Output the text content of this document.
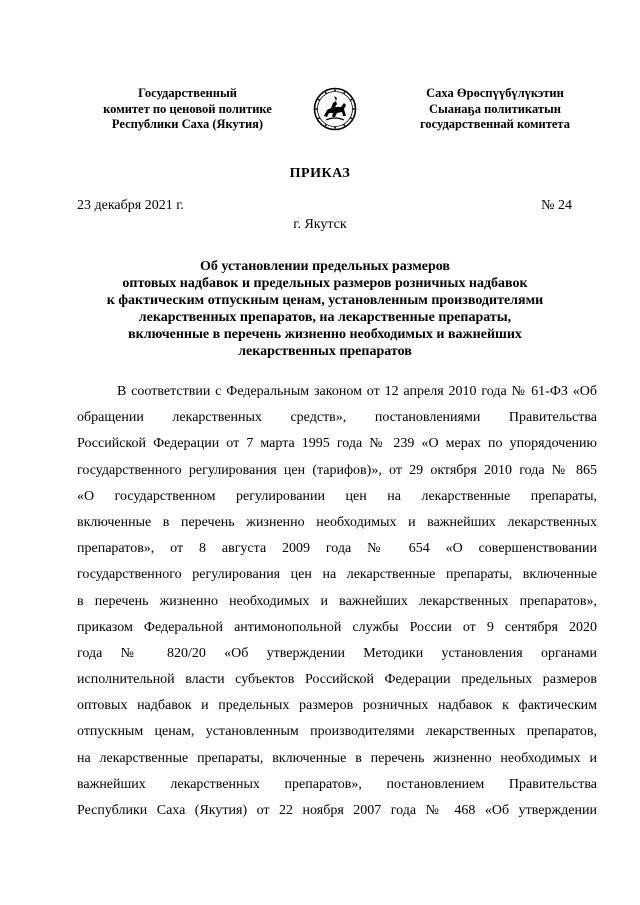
Государственный
комитет по ценовой политике
Республики Саха (Якутия)
Саха Өрөспүүбүлүкэтин
Сыанаҕа политикатын
государственнай комитета
ПРИКАЗ
23 декабря 2021 г.	№ 24
г. Якутск
Об установлении предельных размеров
оптовых надбавок и предельных размеров розничных надбавок
к фактическим отпускным ценам, установленным производителями
лекарственных препаратов, на лекарственные препараты,
включенные в перечень жизненно необходимых и важнейших
лекарственных препаратов
В соответствии с Федеральным законом от 12 апреля 2010 года № 61-ФЗ «Об
обращении лекарственных средств», постановлениями Правительства
Российской Федерации от 7 марта 1995 года № 239 «О мерах по упорядочению
государственного регулирования цен (тарифов)», от 29 октября 2010 года № 865
«О государственном регулировании цен на лекарственные препараты,
включенные в перечень жизненно необходимых и важнейших лекарственных
препаратов», от 8 августа 2009 года № 654 «О совершенствовании
государственного регулирования цен на лекарственные препараты, включенные
в перечень жизненно необходимых и важнейших лекарственных препаратов»,
приказом Федеральной антимонопольной службы России от 9 сентября 2020
года № 820/20 «Об утверждении Методики установления органами
исполнительной власти субъектов Российской Федерации предельных размеров
оптовых надбавок и предельных размеров розничных надбавок к фактическим
отпускным ценам, установленным производителями лекарственных препаратов,
на лекарственные препараты, включенные в перечень жизненно необходимых и
важнейших лекарственных препаратов», постановлением Правительства
Республики Саха (Якутия) от 22 ноября 2007 года № 468 «Об утверждении
